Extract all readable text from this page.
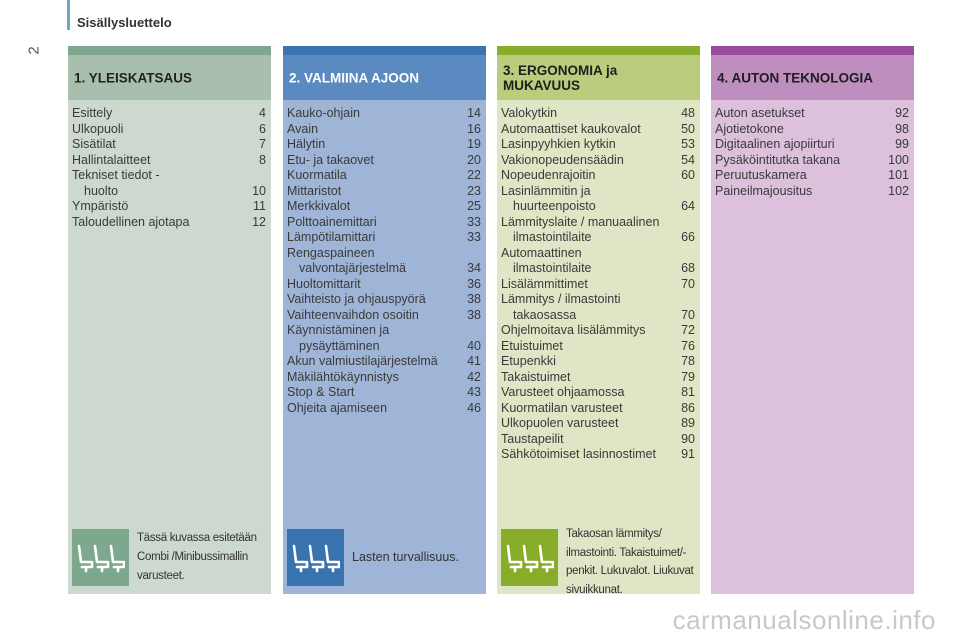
2
Sisällysluettelo
1. YLEISKATSAUS
Esittely	4
Ulkopuoli	6
Sisätilat	7
Hallintalaitteet	8
Tekniset tiedot -
huolto	10
Ympäristö	11
Taloudellinen ajotapa	12
Tässä kuvassa esitetään Combi /Minibussimallin varusteet.
2. VALMIINA AJOON
Kauko-ohjain	14
Avain	16
Hälytin	19
Etu- ja takaovet	20
Kuormatila	22
Mittaristot	23
Merkkivalot	25
Polttoainemittari	33
Lämpötilamittari	33
Rengaspaineen
valvontajärjestelmä	34
Huoltomittarit	36
Vaihteisto ja ohjauspyörä	38
Vaihteenvaihdon osoitin	38
Käynnistäminen ja
pysäyttäminen	40
Akun valmiustilajärjestelmä	41
Mäkilähtökäynnistys	42
Stop & Start	43
Ohjeita ajamiseen	46
Lasten turvallisuus.
3. ERGONOMIA ja MUKAVUUS
Valokytkin	48
Automaattiset kaukovalot	50
Lasinpyyhkien kytkin	53
Vakionopeudensäädin	54
Nopeudenrajoitin	60
Lasinlämmitin ja
huurteenpoisto	64
Lämmityslaite / manuaalinen
ilmastointilaite	66
Automaattinen
ilmastointilaite	68
Lisälämmittimet	70
Lämmitys / ilmastointi
takaosassa	70
Ohjelmoitava lisälämmitys	72
Etuistuimet	76
Etupenkki	78
Takaistuimet	79
Varusteet ohjaamossa	81
Kuormatilan varusteet	86
Ulkopuolen varusteet	89
Taustapeilit	90
Sähkötoimiset lasinnostimet	91
Takaosan lämmitys/ ilmastointi. Takaistuimet/-penkit. Lukuvalot. Liukuvat sivuikkunat.
4. AUTON TEKNOLOGIA
Auton asetukset	92
Ajotietokone	98
Digitaalinen ajopiirturi	99
Pysäköintitutka takana	100
Peruutuskamera	101
Paineilmajousitus	102
carmanualsonline.info
